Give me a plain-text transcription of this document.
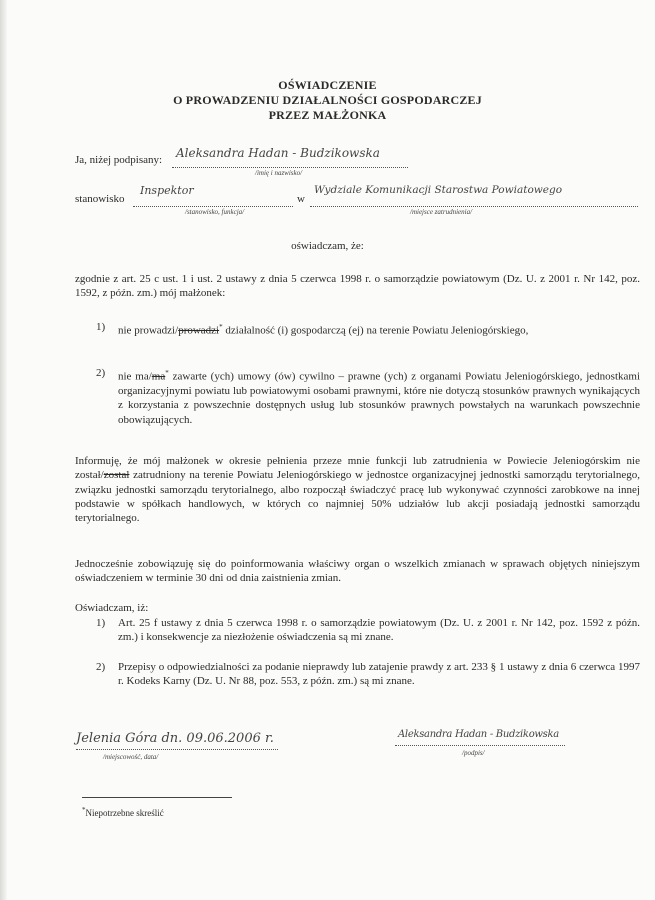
OŚWIADCZENIE
O PROWADZENIU DZIAŁALNOŚCI GOSPODARCZEJ
PRZEZ MAŁŻONKA
Ja, niżej podpisany: Aleksandra Hadan - Budzikowska
/imię i nazwisko/
stanowisko
Inspektor
/stanowisko, funkcja/
w
Wydziale Komunikacji Starostwa Powiatowego
/miejsce zatrudnienia/
oświadczam, że:
zgodnie z art. 25 c ust. 1 i ust. 2 ustawy z dnia 5 czerwca 1998 r. o samorządzie powiatowym (Dz. U. z 2001 r. Nr 142, poz. 1592, z późn. zm.) mój małżonek:
1)	nie prowadzi/prowadzi* działalność (i) gospodarczą (ej) na terenie Powiatu Jeleniogórskiego,
2)	nie ma/ma* zawarte (ych) umowy (ów) cywilno – prawne (ych) z organami Powiatu Jeleniogórskiego, jednostkami organizacyjnymi powiatu lub powiatowymi osobami prawnymi, które nie dotyczą stosunków prawnych wynikających z korzystania z powszechnie dostępnych usług lub stosunków prawnych powstałych na warunkach powszechnie obowiązujących.
Informuję, że mój małżonek w okresie pełnienia przeze mnie funkcji lub zatrudnienia w Powiecie Jeleniogórskim nie został/został zatrudniony na terenie Powiatu Jeleniogórskiego w jednostce organizacyjnej jednostki samorządu terytorialnego, związku jednostki samorządu terytorialnego, albo rozpoczął świadczyć pracę lub wykonywać czynności zarobkowe na innej podstawie w spółkach handlowych, w których co najmniej 50% udziałów lub akcji posiadają jednostki samorządu terytorialnego.
Jednocześnie zobowiązuję się do poinformowania właściwy organ o wszelkich zmianach w sprawach objętych niniejszym oświadczeniem w terminie 30 dni od dnia zaistnienia zmian.
Oświadczam, iż:
1)	Art. 25 f ustawy z dnia 5 czerwca 1998 r. o samorządzie powiatowym (Dz. U. z 2001 r. Nr 142, poz. 1592 z późn. zm.) i konsekwencje za niezłożenie oświadczenia są mi znane.
2)	Przepisy o odpowiedzialności za podanie nieprawdy lub zatajenie prawdy z art. 233 § 1 ustawy z dnia 6 czerwca 1997 r. Kodeks Karny (Dz. U. Nr 88, poz. 553, z późn. zm.) są mi znane.
Jelenia Góra dn. 09.06.2006 r.
/miejscowość, data/
Aleksandra Hadan - Budzikowska
/podpis/
*Niepotrzebne skreślić
